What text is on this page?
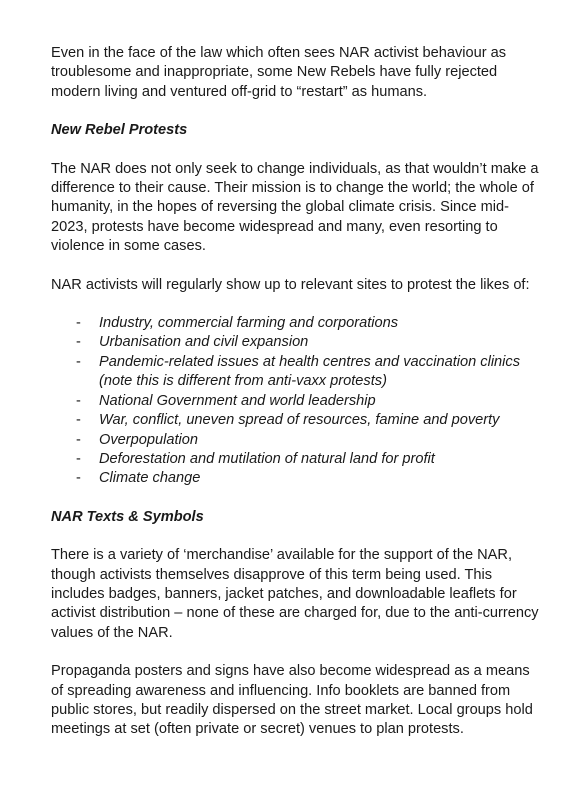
Even in the face of the law which often sees NAR activist behaviour as troublesome and inappropriate, some New Rebels have fully rejected modern living and ventured off-grid to “restart” as humans.

New Rebel Protests

The NAR does not only seek to change individuals, as that wouldn’t make a difference to their cause. Their mission is to change the world; the whole of humanity, in the hopes of reversing the global climate crisis. Since mid-2023, protests have become widespread and many, even resorting to violence in some cases.

NAR activists will regularly show up to relevant sites to protest the likes of:

-	Industry, commercial farming and corporations
-	Urbanisation and civil expansion
-	Pandemic-related issues at health centres and vaccination clinics (note this is different from anti-vaxx protests)
-	National Government and world leadership
-	War, conflict, uneven spread of resources, famine and poverty
-	Overpopulation
-	Deforestation and mutilation of natural land for profit
-	Climate change

NAR Texts & Symbols

There is a variety of ‘merchandise’ available for the support of the NAR, though activists themselves disapprove of this term being used. This includes badges, banners, jacket patches, and downloadable leaflets for activist distribution – none of these are charged for, due to the anti-currency values of the NAR.

Propaganda posters and signs have also become widespread as a means of spreading awareness and influencing. Info booklets are banned from public stores, but readily dispersed on the street market. Local groups hold meetings at set (often private or secret) venues to plan protests.
